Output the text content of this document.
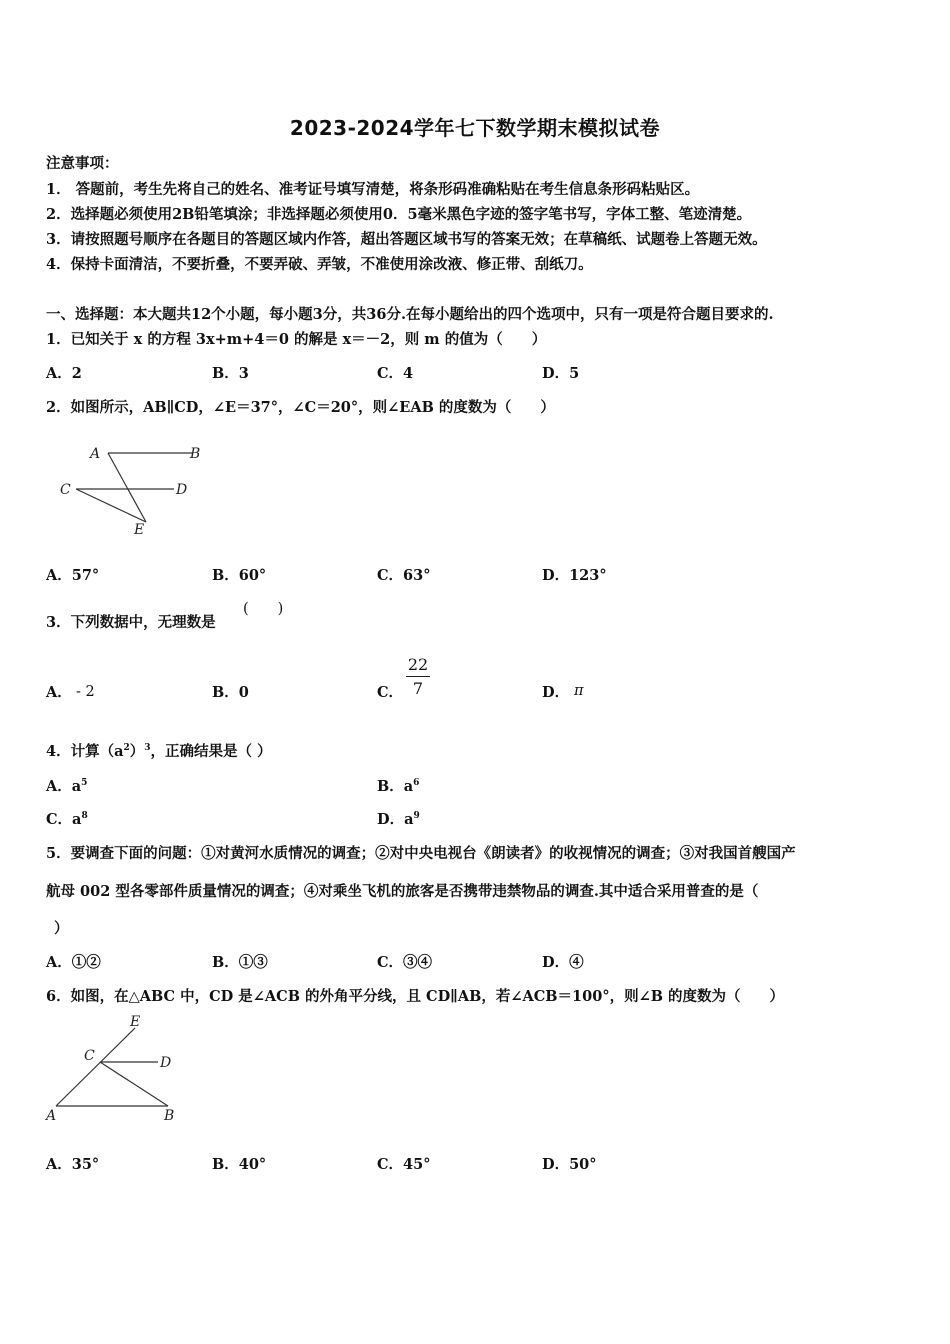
2023-2024学年七下数学期末模拟试卷
注意事项：
1． 答题前，考生先将自己的姓名、准考证号填写清楚，将条形码准确粘贴在考生信息条形码粘贴区。
2．选择题必须使用2B铅笔填涂；非选择题必须使用0．5毫米黑色字迹的签字笔书写，字体工整、笔迹清楚。
3．请按照题号顺序在各题目的答题区域内作答，超出答题区域书写的答案无效；在草稿纸、试题卷上答题无效。
4．保持卡面清洁，不要折叠，不要弄破、弄皱，不准使用涂改液、修正带、刮纸刀。
一、选择题：本大题共12个小题，每小题3分，共36分.在每小题给出的四个选项中，只有一项是符合题目要求的.
1．已知关于 x 的方程 3x+m+4＝0 的解是 x＝－2，则 m 的值为（　　）
A．2	B．3	C．4	D．5
2．如图所示，AB∥CD，∠E＝37°，∠C＝20°，则∠EAB 的度数为（　　）
A	B
C	D
E
A．57°	B．60°	C．63°	D．123°
3．下列数据中，无理数是
(　　)
A． - 2	B．0	C．
22
7	D． π
4．计算$(a^2)^3$，正确结果是（ ）
A．$a^5$	B．$a^6$
C．$a^8$	D．$a^9$
5．要调查下面的问题：①对黄河水质情况的调查；②对中央电视台《朗读者》的收视情况的调查；③对我国首艘国产
航母 002 型各零部件质量情况的调查；④对乘坐飞机的旅客是否携带违禁物品的调查.其中适合采用普查的是（
）
A．①②	B．①③	C．③④	D．④
6．如图，在△ABC 中，CD 是∠ACB 的外角平分线，且 CD∥AB，若∠ACB＝100°，则∠B 的度数为（　　）
E
C	D
A	B
A．35°	B．40°	C．45°	D．50°
